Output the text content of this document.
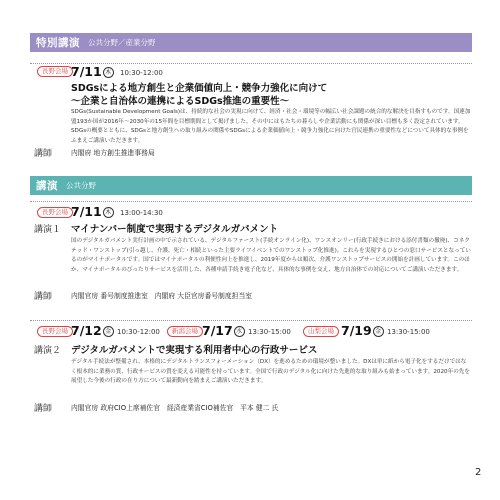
特別講演 公共分野／産業分野
長野会場 7/11 木	10:30-12:00
SDGsによる地方創生と企業価値向上・競争力強化に向けて
～企業と自治体の連携によるSDGs推進の重要性～

SDGs(Sustainable Development Goals)は、持続的な社会の実現に向けて、経済・社会・環境等の幅広い社会課題の統合的な解決を目指すものです。国連加盟193か国が2016年～2030年の15年間を目標期間として掲げました。その中にはもたちの暮らしや企業活動にも関係が深い目標も多く設定されています。SDGsの概要とともに、SDGsと地方創生への取り組みの関係やSDGsによる企業価値向上・競争力強化に向けた官民連携の重要性などについて具体的な事例をふまえご講演いただきます。

講師	内閣府 地方創生推進事務局
講演 公共分野
長野会場 7/11 木	13:00-14:30
講演１ マイナンバー制度で実現するデジタルガバメント

国のデジタルガバメント実行計画の中で示されている、デジタルファースト(手続オンライン化)、ワンスオンリー(行政手続きにおける添付書類の撤廃)、コネクテッド・ワンストップ(引っ越し、介護、死亡・相続といった主要ライフイベントでのワンストップ化推進)。これらを実現するひとつの窓口サービスとなっているのがマイナポータルです。国ではマイナポータルの利便性向上を推進し、2019年度からは順次、介護ワンストップサービスの開始を計画しています。このほか、マイナポータルのびったりサービスを活用した、各種申請手続き電子化など、具体的な事例を交え、地方自治体での対応についてご講演いただきます。

講師	内閣官房 番号制度推進室　内閣府 大臣官房番号制度担当室
長野会場 7/12 金 10:30-12:00	新潟会場 7/17 水 13:30-15:00	山梨会場 7/19 金 13:30-15:00
講演２ デジタルガバメントで実現する利用者中心の行政サービス

デジタル手続法が整備され、本格的にデジタルトランスフォーメーション（DX）を進めるための環境が整いました。DXは単に紙から電子化をするだけではなく根本的に業務の質、行政サービスの質を変える可能性を持っています。全国で行政のデジタル化に向けた先進的な取り組みも始まっています。2020年の先を展望した今後の行政の在り方について最新動向を踏まえご講演いただきます。

講師	内閣官房 政府CIO上席補佐官　経済産業省CIO補佐官　平本 健二 氏
2
